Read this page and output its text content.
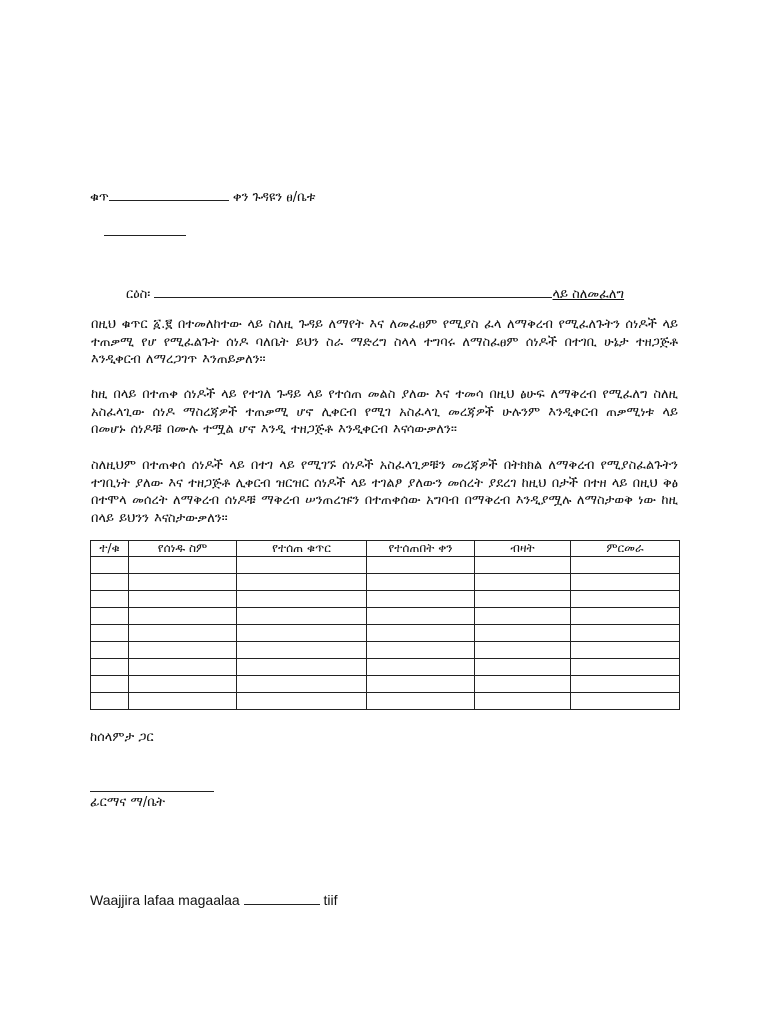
ቁጥ	ቀን ጉዳዩን ፀ/ቤቱ
ርዕስ፡	ላይ ስለመፈለግ
በዚህ ቁጥር ፩.፪ በተመለከተው ላይ ስለዚ ጉዳይ ለማየት እና ለመፈፀም የሚያስ ፈላ ለማቅረብ የሚፈለጉትን ሰነዶች ላይ ተጠቃሚ የሆ የሚፈልጉት ሰነዶ ባለቤት ይህን ስራ ማድረግ ስላላ ተግባሩ ለማስፈፀም ሰነዶች በተገቢ ሁኔታ ተዘጋጅቶ እንዲቀርብ ለማረጋገጥ እንጠይቃለን።
ከዚ በላይ በተጠቀ ሰነዶች ላይ የተገለ ጉዳይ ላይ የተሰጠ መልስ ያለው እና ተመሳ በዚህ ፅሁፍ ለማቅረብ የሚፈለግ ስለዚ አስፈላጊው ሰነዶ ማስረጃዎች ተጠቃሚ ሆኖ ሊቀርብ የሚገ አስፈላጊ መረጃዎች ሁሉንም እንዲቀርብ ጠቃሚነቱ ላይ በመሆኑ ሰነዶቹ በሙሉ ተሟል ሆኖ እንዲ ተዘጋጅቶ እንዲቀርብ እናሳውቃለን።
ስለዚህም በተጠቀሰ ሰነዶች ላይ በተገ ላይ የሚገኙ ሰነዶች አስፈላጊዎቹን መረጃዎች በትክክል ለማቅረብ የሚያስፈልጉትን ተገቢነት ያለው እና ተዘጋጅቶ ሊቀርብ ዝርዝር ሰነዶች ላይ ተገልፆ ያለውን መሰረት ያደረገ ከዚህ በታች በተዘ ላይ በዚህ ቅፅ በተሞላ መሰረት ለማቅረብ ሰነዶቹ ማቅረብ ሠንጠረዡን በተጠቀሰው አግባብ በማቅረብ እንዲያሟሉ ለማስታወቅ ነው ከዚ በላይ ይህንን እናስታውቃለን።
ተ/ቁ	የሰነዱ ስም	የተሰጠ ቁጥር	የተሰጠበት ቀን	ብዛት	ምርመራ

ከሰላምታ ጋር
ፊርማና ማ/ቤት
Waajjira lafaa magaalaa	tiif
